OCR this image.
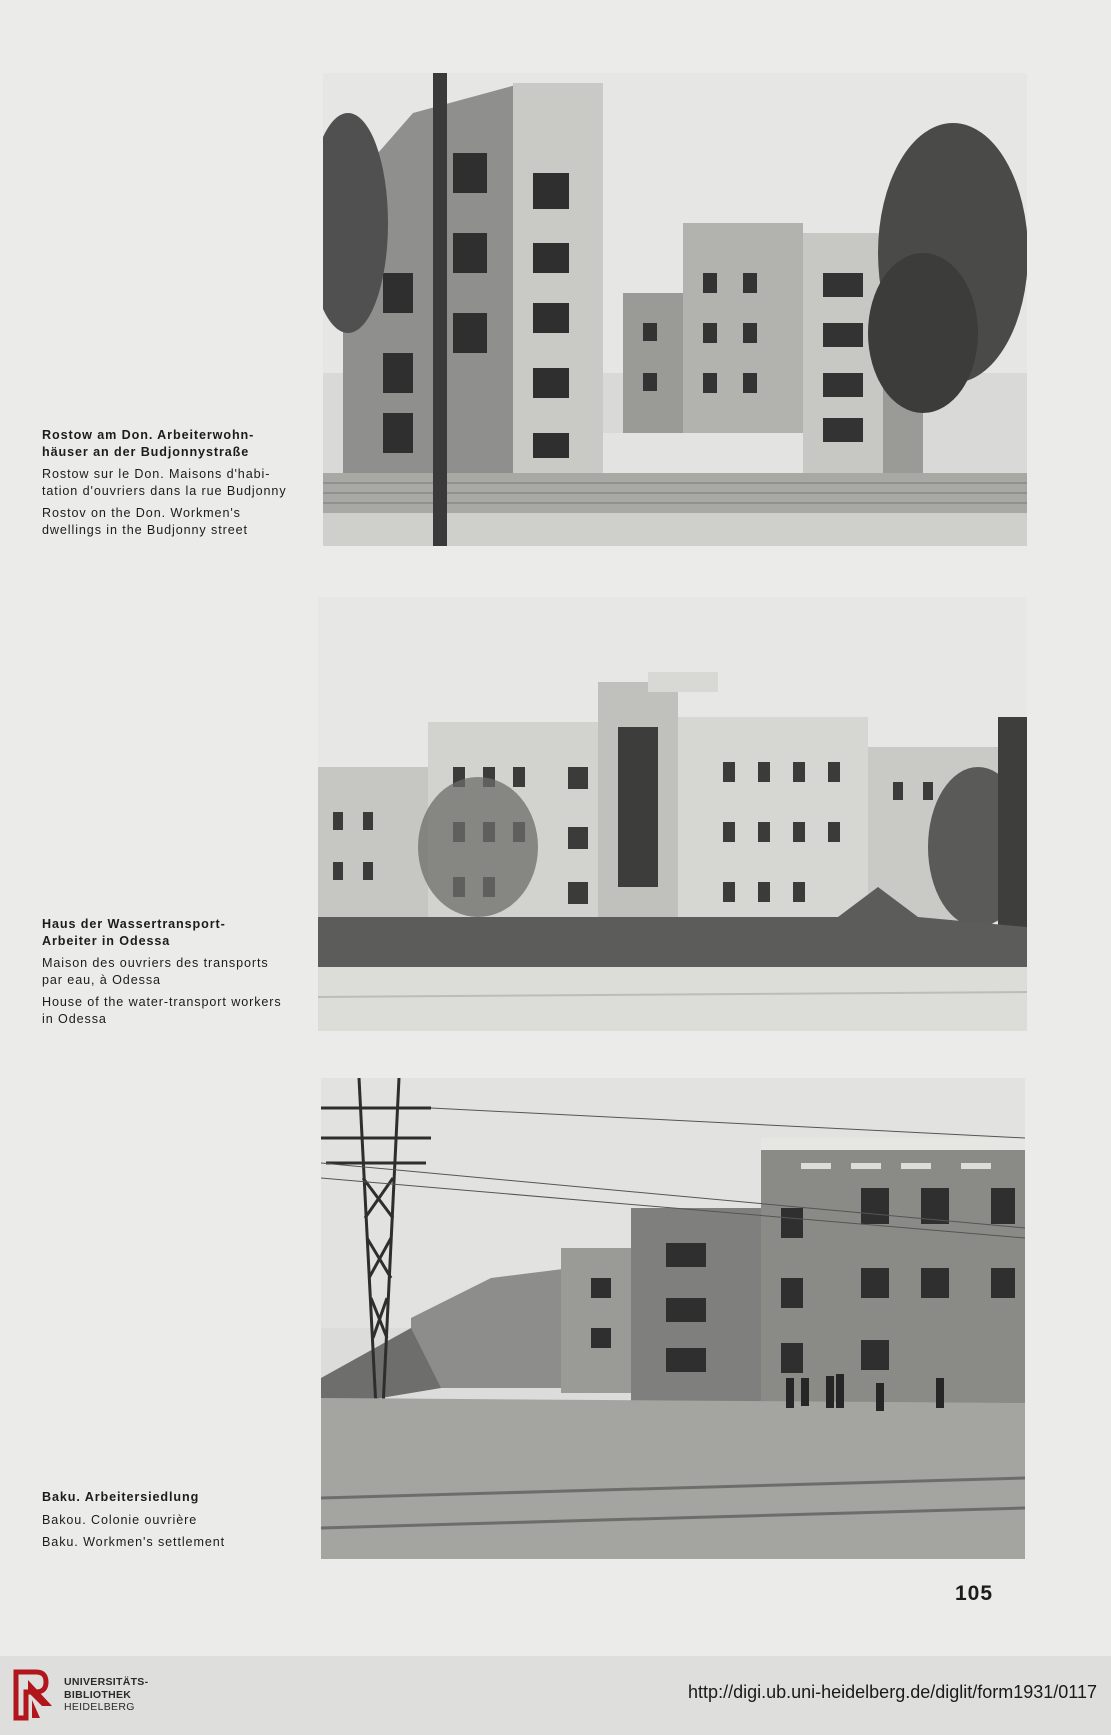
Rostow am Don. Arbeiterwohn-
häuser an der Budjonnystraße
Rostow sur le Don. Maisons d'habi-
tation d'ouvriers dans la rue Budjonny
Rostov on the Don. Workmen's
dwellings in the Budjonny street
Haus der Wassertransport-
Arbeiter in Odessa
Maison des ouvriers des transports
par eau, à Odessa
House of the water-transport workers
in Odessa
Baku. Arbeitersiedlung
Bakou. Colonie ouvrière
Baku. Workmen's settlement
105
UNIVERSITÄTS-
BIBLIOTHEK
HEIDELBERG
http://digi.ub.uni-heidelberg.de/diglit/form1931/0117
